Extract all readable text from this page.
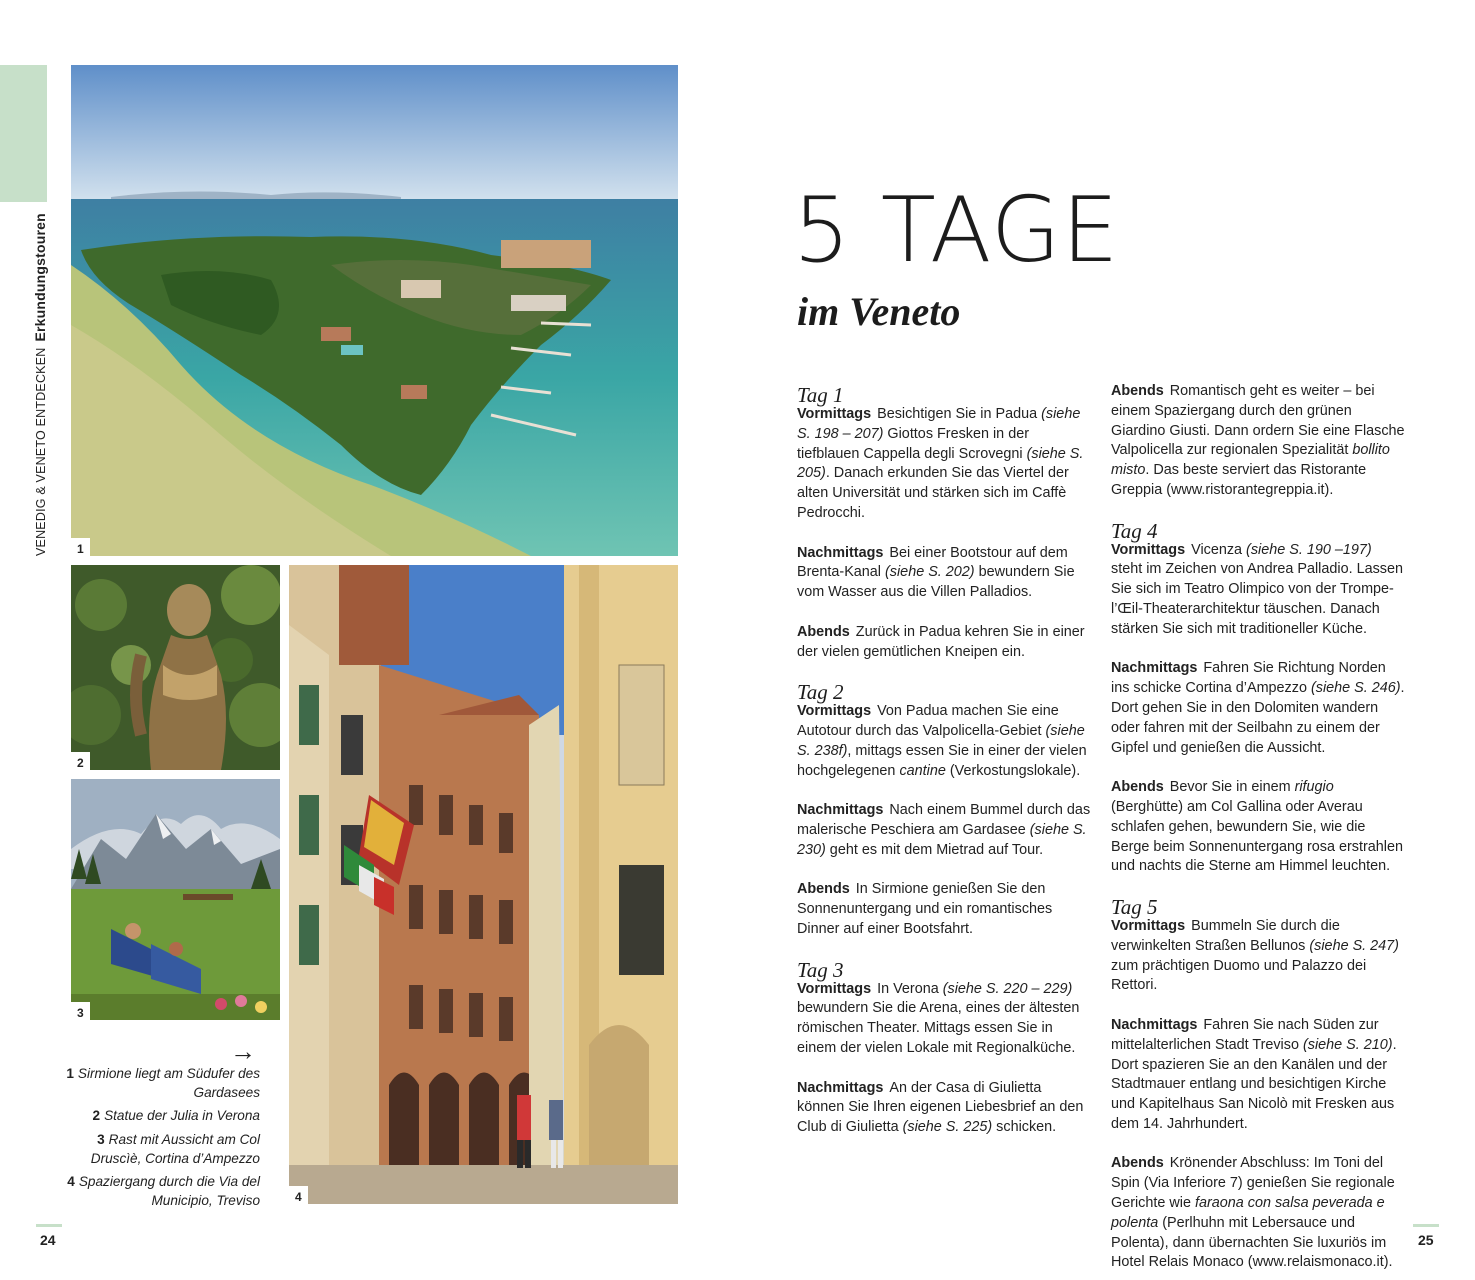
VENEDIG & VENETO ENTDECKENErkundungstouren
1
2
3
4
→
1 Sirmione liegt am Südufer des Gardasees
2 Statue der Julia in Verona
3 Rast mit Aussicht am Col Druscìè, Cortina d’Ampezzo
4 Spaziergang durch die Via del Municipio, Treviso
24
5 TAGE
im Veneto
Tag 1

Vormittags Besichtigen Sie in Padua (siehe S. 198 – 207) Giottos Fresken in der tiefblauen Cappella degli Scrovegni (siehe S. 205). Danach erkunden Sie das Viertel der alten Universität und stärken sich im Caffè Pedrocchi.

Nachmittags Bei einer Bootstour auf dem Brenta-Kanal (siehe S. 202) bewundern Sie vom Wasser aus die Villen Palladios.

Abends Zurück in Padua kehren Sie in einer der vielen gemütlichen Kneipen ein.

Tag 2

Vormittags Von Padua machen Sie eine Autotour durch das Valpolicella-Gebiet (siehe S. 238f), mittags essen Sie in einer der vielen hochgelegenen cantine (Verkostungslokale).

Nachmittags Nach einem Bummel durch das malerische Peschiera am Gardasee (siehe S. 230) geht es mit dem Mietrad auf Tour.

Abends In Sirmione genießen Sie den Sonnenuntergang und ein romantisches Dinner auf einer Bootsfahrt.

Tag 3

Vormittags In Verona (siehe S. 220 – 229) bewundern Sie die Arena, eines der ältesten römischen Theater. Mittags essen Sie in einem der vielen Lokale mit Regionalküche.

Nachmittags An der Casa di Giulietta können Sie Ihren eigenen Liebesbrief an den Club di Giulietta (siehe S. 225) schicken.

Abends Romantisch geht es weiter – bei einem Spaziergang durch den grünen Giardino Giusti. Dann ordern Sie eine Flasche Valpolicella zur regionalen Spezialität bollito misto. Das beste serviert das Ristorante Greppia (www.ristorantegreppia.it).

Tag 4

Vormittags Vicenza (siehe S. 190 –197) steht im Zeichen von Andrea Palladio. Lassen Sie sich im Teatro Olimpico von der Trompe-l’Œil-Theaterarchitektur täuschen. Danach stärken Sie sich mit traditioneller Küche.

Nachmittags Fahren Sie Richtung Norden ins schicke Cortina d’Ampezzo (siehe S. 246). Dort gehen Sie in den Dolomiten wandern oder fahren mit der Seilbahn zu einem der Gipfel und genießen die Aussicht.

Abends Bevor Sie in einem rifugio (Berghütte) am Col Gallina oder Averau schlafen gehen, bewundern Sie, wie die Berge beim Sonnenuntergang rosa erstrahlen und nachts die Sterne am Himmel leuchten.

Tag 5

Vormittags Bummeln Sie durch die verwinkelten Straßen Bellunos (siehe S. 247) zum prächtigen Duomo und Palazzo dei Rettori.

Nachmittags Fahren Sie nach Süden zur mittelalterlichen Stadt Treviso (siehe S. 210). Dort spazieren Sie an den Kanälen und der Stadtmauer entlang und besichtigen Kirche und Kapitelhaus San Nicolò mit Fresken aus dem 14. Jahrhundert.

Abends Krönender Abschluss: Im Toni del Spin (Via Inferiore 7) genießen Sie regionale Gerichte wie faraona con salsa peverada e polenta (Perlhuhn mit Lebersauce und Polenta), dann übernachten Sie luxuriös im Hotel Relais Monaco (www.relaismonaco.it).

25
